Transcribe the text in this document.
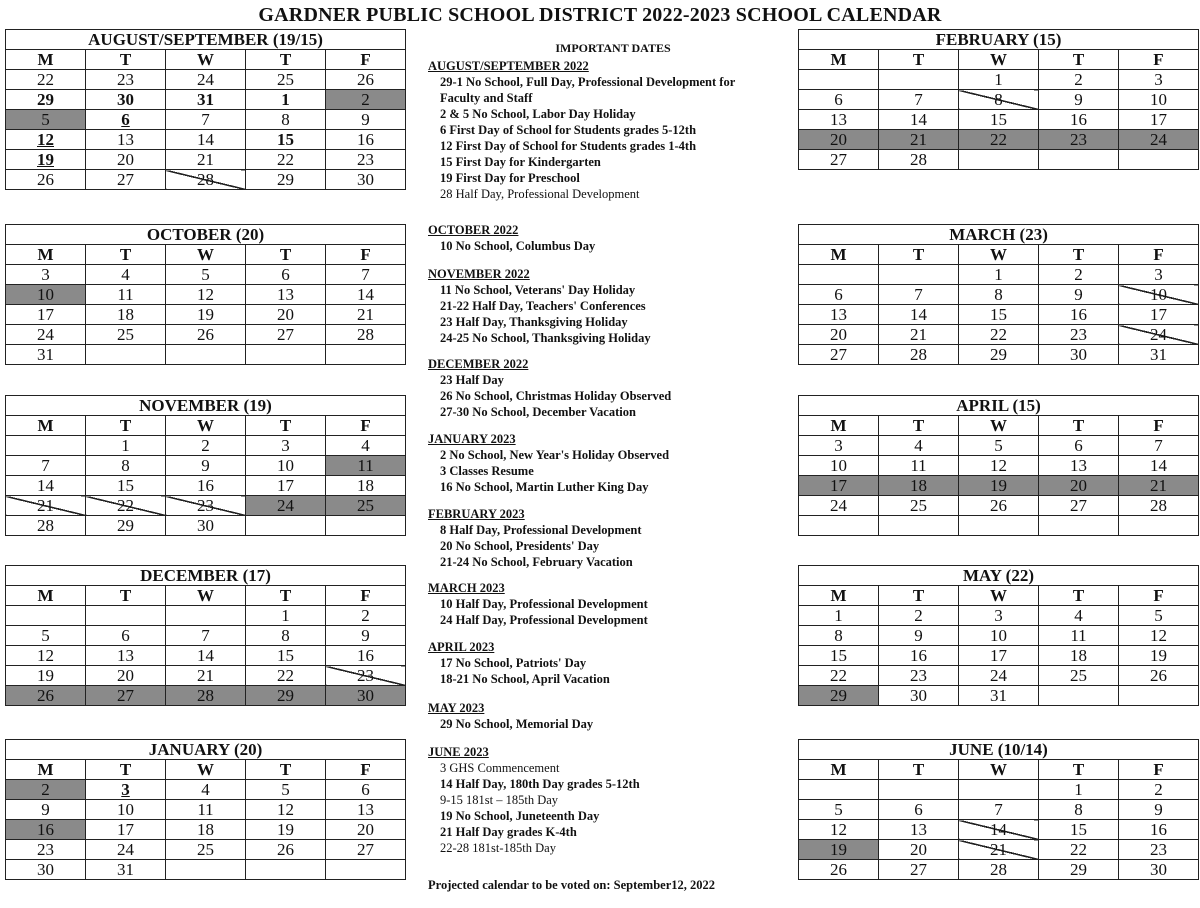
GARDNER PUBLIC SCHOOL DISTRICT 2022-2023 SCHOOL CALENDAR
AUGUST/SEPTEMBER (19/15)				
M	T	W	T	F
22	23	24	25	26
29	30	31	1	2
5	6	7	8	9
12	13	14	15	16
19	20	21	22	23
26	27	28	29	30
OCTOBER (20)				
M	T	W	T	F
3	4	5	6	7
10	11	12	13	14
17	18	19	20	21
24	25	26	27	28
31				
NOVEMBER (19)				
M	T	W	T	F
	1	2	3	4
7	8	9	10	11
14	15	16	17	18
21	22	23	24	25
28	29	30		
DECEMBER (17)				
M	T	W	T	F
			1	2
5	6	7	8	9
12	13	14	15	16
19	20	21	22	23
26	27	28	29	30
JANUARY (20)				
M	T	W	T	F
2	3	4	5	6
9	10	11	12	13
16	17	18	19	20
23	24	25	26	27
30	31			
FEBRUARY (15)				
M	T	W	T	F
		1	2	3
6	7	8	9	10
13	14	15	16	17
20	21	22	23	24
27	28			
MARCH (23)				
M	T	W	T	F
		1	2	3
6	7	8	9	10
13	14	15	16	17
20	21	22	23	24
27	28	29	30	31
APRIL (15)				
M	T	W	T	F
3	4	5	6	7
10	11	12	13	14
17	18	19	20	21
24	25	26	27	28

MAY (22)				
M	T	W	T	F
1	2	3	4	5
8	9	10	11	12
15	16	17	18	19
22	23	24	25	26
29	30	31		
JUNE (10/14)				
M	T	W	T	F
			1	2
5	6	7	8	9
12	13	14	15	16
19	20	21	22	23
26	27	28	29	30
IMPORTANT DATES
AUGUST/SEPTEMBER 2022
29-1 No School, Full Day, Professional Development for
Faculty and Staff
2 & 5 No School, Labor Day Holiday
6 First Day of School for Students grades 5-12th
12 First Day of School for Students grades 1-4th
15 First Day for Kindergarten
19 First Day for Preschool
28 Half Day, Professional Development
OCTOBER 2022
10 No School, Columbus Day
NOVEMBER 2022
11 No School, Veterans' Day Holiday
21-22 Half Day, Teachers' Conferences
23 Half Day, Thanksgiving Holiday
24-25 No School, Thanksgiving Holiday
DECEMBER 2022
23 Half Day
26 No School, Christmas Holiday Observed
27-30 No School, December Vacation
JANUARY 2023
2 No School, New Year's Holiday Observed
3 Classes Resume
16 No School, Martin Luther King Day
FEBRUARY 2023
8 Half Day, Professional Development
20 No School, Presidents' Day
21-24 No School, February Vacation
MARCH 2023
10 Half Day, Professional Development
24 Half Day, Professional Development
APRIL 2023
17 No School, Patriots' Day
18-21 No School, April Vacation
MAY 2023
29 No School, Memorial Day
JUNE 2023
3 GHS Commencement
14 Half Day, 180th Day grades 5-12th
9-15 181st – 185th Day
19 No School, Juneteenth Day
21 Half Day grades K-4th
22-28 181st-185th Day
Projected calendar to be voted on: September12, 2022
